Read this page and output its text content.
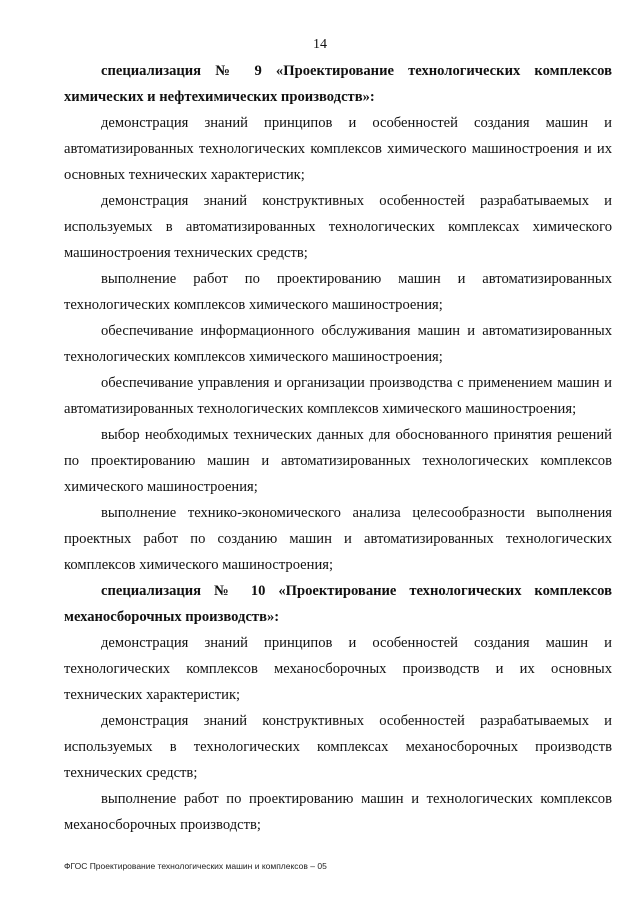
14

специализация № 9 «Проектирование технологических комплексов химических и нефтехимических производств»:

демонстрация знаний принципов и особенностей создания машин и автоматизированных технологических комплексов химического машиностроения и их основных технических характеристик;

демонстрация знаний конструктивных особенностей разрабатываемых и используемых в автоматизированных технологических комплексах химического машиностроения технических средств;

выполнение работ по проектированию машин и автоматизированных технологических комплексов химического машиностроения;

обеспечивание информационного обслуживания машин и автоматизированных технологических комплексов химического машиностроения;

обеспечивание управления и организации производства с применением машин и автоматизированных технологических комплексов химического машиностроения;

выбор необходимых технических данных для обоснованного принятия решений по проектированию машин и автоматизированных технологических комплексов химического машиностроения;

выполнение технико-экономического анализа целесообразности выполнения проектных работ по созданию машин и автоматизированных технологических комплексов химического машиностроения;

специализация № 10 «Проектирование технологических комплексов механосборочных производств»:

демонстрация знаний принципов и особенностей создания машин и технологических комплексов механосборочных производств и их основных технических характеристик;

демонстрация знаний конструктивных особенностей разрабатываемых и используемых в технологических комплексах механосборочных производств технических средств;

выполнение работ по проектированию машин и технологических комплексов механосборочных производств;

ФГОС Проектирование технологических машин и комплексов – 05
